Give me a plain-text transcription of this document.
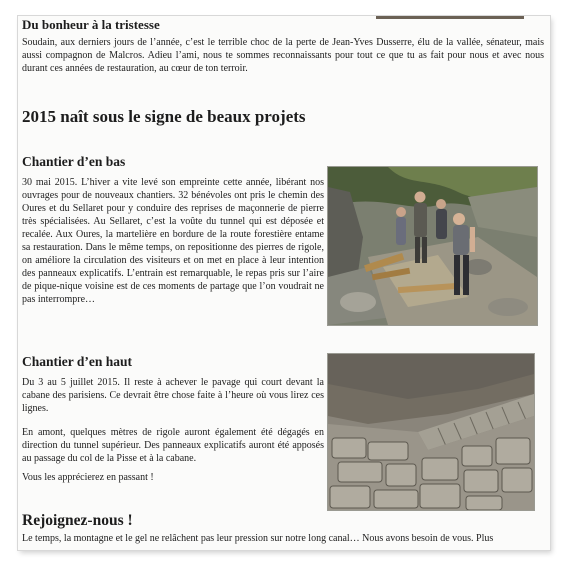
Du bonheur à la tristesse

Soudain, aux derniers jours de l’année, c’est le terrible choc de la perte de Jean-Yves Dusserre, élu de la vallée, sénateur, mais aussi compagnon de Malcros. Adieu l’ami, nous te sommes reconnaissants pour tout ce que tu as fait pour nous et avec nous durant ces années de restauration, au cœur de ton terroir.

2015 naît sous le signe de beaux projets
Chantier d’en bas

30 mai 2015. L’hiver a vite levé son empreinte cette année, libérant nos ouvrages pour de nouveaux chantiers. 32 bénévoles ont pris le chemin des Oures et du Sellaret pour y conduire des reprises de maçonnerie de pierre très spécialisées. Au Sellaret, c’est la voûte du tunnel qui est déposée et recalée. Aux Oures, la martelière en bordure de la route forestière entame sa restauration. Dans le même temps, on repositionne des pierres de rigole, on améliore la circulation des visiteurs et on met en place à leur intention des panneaux explicatifs. L’entrain est remarquable, le repas pris sur l’aire de pique-nique voisine est de ces moments de partage que l’on voudrait ne pas interrompre…

Chantier d’en haut

Du 3 au 5 juillet 2015. Il reste à achever le pavage qui court devant la cabane des parisiens. Ce devrait être chose faite à l’heure où vous lirez ces lignes.

En amont, quelques mètres de rigole auront également été dégagés en direction du tunnel supérieur. Des panneaux explicatifs auront été apposés au passage du col de la Pisse et à la cabane.

Vous les apprécierez en passant !

Rejoignez-nous !

Le temps, la montagne et le gel ne relâchent pas leur pression sur notre long canal… Nous avons besoin de vous. Plus
